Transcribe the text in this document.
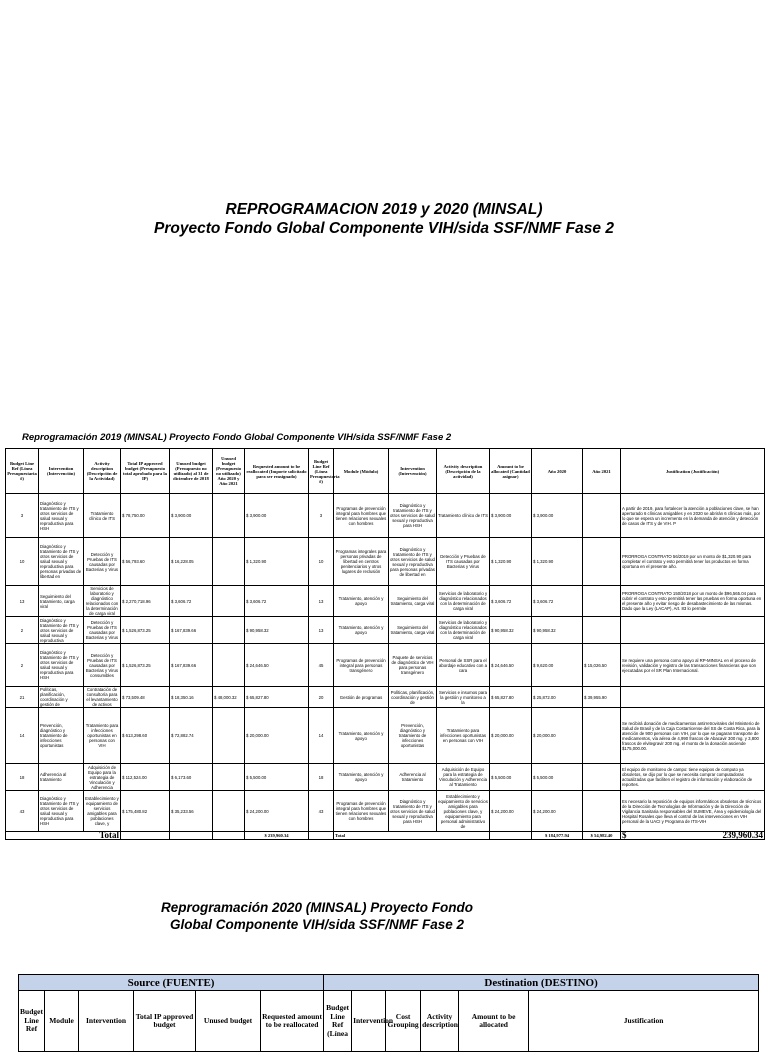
REPROGRAMACION 2019 y 2020 (MINSAL)
Proyecto Fondo Global Componente VIH/sida SSF/NMF Fase 2
Reprogramación 2019 (MINSAL) Proyecto Fondo Global Componente VIH/sida SSF/NMF Fase 2
Budget Line Ref (Línea Presupuestaria #)	Intervention (Intervención)	Activity description (Descripción de la Actividad)	Total IP approved budget (Presupuesto total aprobado para la IP)	Unused budget (Presupuesto no utilizado) al 31 de diciembre de 2018	Unused budget (Presupuesto no utilizado) Año 2020 y Año 2021	Requested amount to be reallocated (Importe solicitado para ser reasignado)	Budget Line Ref (Línea Presupuestaria #)	Module (Módulo)	Intervention (Intervención)	Activity description (Descripción de la actividad)	Amount to be allocated (Cantidad asignar)	Año 2020	Año 2021	Justification (Justificación)
3	Diagnóstico y tratamiento de ITS y otros servicios de salud sexual y reproductiva para HSH	Tratamiento clínico de ITS	$ 78,750.00	$ 3,900.00		$ 3,900.00	3	Programas de prevención integral para hombres que tienen relaciones sexuales con hombres	Diagnóstico y tratamiento de ITS y otros servicios de salud sexual y reproductiva para HSH	Tratamiento clínico de ITS	$ 3,900.00	$ 3,900.00		A partir de 2019, para fortalecer la atención a poblaciones clave, se han aperturado 6 clínicas amigables y en 2020 se abrirán 6 clínicas más, por lo que se espera un incremento en la demanda de atención y detección de casos de ITS y de VIH. P
10	Diagnóstico y tratamiento de ITS y otros servicios de salud sexual y reproductiva para personas privadas de libertad en	Detección y Pruebas de ITS causadas por Bacterias y Virus	$ 56,793.60	$ 16,228.05		$ 1,320.90	10	Programas integrales para personas privadas de libertad en centros penitenciarios y otros lugares de reclusión	Diagnóstico y tratamiento de ITS y otros servicios de salud sexual y reproductiva para personas privadas de libertad en	Detección y Pruebas de ITS causadas por Bacterias y Virus	$ 1,320.90	$ 1,320.90		PRORROGA CONTRATO 56/2019 por un monto de $1,320.90 para completar el contrato y esto permitirá tener los productos en forma oportuna en el presente año.
13	Seguimiento del tratamiento, carga viral	Servicios de laboratorio y diagnóstico relacionados con la determinación de carga viral	$ 2,270,718.96	$ 3,606.72		$ 3,606.72	13	Tratamiento, atención y apoyo	Seguimiento del tratamiento, carga viral	Servicios de laboratorio y diagnóstico relacionados con la determinación de carga viral	$ 3,606.72	$ 3,606.72		PRORROGA CONTRATO 150/2018 por un monto de $96,565.04 para cubrir el contrato y esto permitirá tener las pruebas en forma oportuna en el presente año y evitar riesgo de desabastecimiento de las mismas. Dado que la Ley (LACAP), Art. 83 lo permite
2	Diagnóstico y tratamiento de ITS y otros servicios de salud sexual y reproductiva	Detección y Pruebas de ITS causadas por Bacterias y Virus	$ 1,526,873.25	$ 167,839.66		$ 90,958.32	13	Tratamiento, atención y apoyo	Seguimiento del tratamiento, carga viral	Servicios de laboratorio y diagnóstico relacionados con la determinación de carga viral	$ 90,958.32	$ 90,958.32		
2	Diagnóstico y tratamiento de ITS y otros servicios de salud sexual y reproductiva para HSH	Detección y Pruebas de ITS causadas por Bacterias y Virus consumibles	$ 1,526,873.25	$ 167,839.66		$ 24,646.50	45	Programas de prevención integral para personas transgénero	Paquete de servicios de diagnóstico de VIH para personas transgénero	Personal de SSR para el abordaje educativo con a cara	$ 24,646.50	$ 9,620.00	$ 15,026.50	Se requiere una persona como apoyo al RP-MINSAL en el proceso de revisión, validación y registro de las transacciones financieras que son ejecutadas por el SR Plan Internacional.
21	Políticas, planificación, coordinación y gestión de	Contratación de consultoría para el levantamiento de activos	$ 73,509.48	$ 18,350.16	$ 48,000.32	$ 65,827.80	20	Gestión de programas	Políticas, planificación, coordinación y gestión de	Servicios e insumos para la gestión y monitoreo a la	$ 65,827.80	$ 25,872.00	$ 39,955.90	
14	Prevención, diagnóstico y tratamiento de infecciones oportunistas	Tratamiento para infecciones oportunistas en personas con VIH	$ 613,298.60	$ 72,882.74		$ 20,000.00	14	Tratamiento, atención y apoyo	Prevención, diagnóstico y tratamiento de infecciones oportunistas	Tratamiento para infecciones oportunistas en personas con VIH	$ 20,000.00	$ 20,000.00		Se recibirá donación de medicamentos antirretrovirales del Ministerio de Salud de Brasil y de la Caja Costarricense del SS de Costa Rica, para la atención de 900 personas con VIH, por lo que se pagaran transporte de medicamentos, vía aérea de 4,990 frascos de Abacavir 300 mg. y 3,800 frascos de elvitegravir 200 mg. el monto de la donación asciende $175,000.00.
18	Adherencia al tratamiento	Adquisición de Equipo para la estrategia de Vinculación y Adherencia	$ 112,524.00	$ 6,173.60		$ 5,500.00	18	Tratamiento, atención y apoyo	Adherencia al tratamiento	Adquisición de Equipo para la estrategia de Vinculación y Adherencia al Tratamiento	$ 5,500.00	$ 5,500.00		El equipo de monitoreo de campo: tiene equipos de computo ya obsoletos, se dijo por lo que se necesita comprar computadoras actualizadas que faciliten el registro de información y elaboración de reportes.
43	Diagnóstico y tratamiento de ITS y otros servicios de salud sexual y reproductiva para HSH	Establecimiento y equipamiento de servicios amigables para poblaciones clave, y	$ 175,480.82	$ 35,233.56		$ 24,200.00	43	Programas de prevención integral para hombres que tienen relaciones sexuales con hombres	Diagnóstico y tratamiento de ITS y otros servicios de salud sexual y reproductiva para HSH	Establecimiento y equipamiento de servicios amigables para poblaciones clave, y equipamiento para personal administrativo de	$ 24,200.00	$ 24,200.00		Es necesario la reposición de equipos informáticos obsoletos de técnicos de la Dirección de Tecnologías de Información y de la Dirección de Vigilancia Sanitaria responsables del SUMEVE, Área y epidemiología del Hospital Rosales que lleva el control de las intervenciones en VIH personal de la UACI y Programa de ITS-VIH
Total						$ 239,960.34		Total				$ 184,977.94	$ 54,982.40	$ 239,960.34
Reprogramación 2020 (MINSAL) Proyecto Fondo
Global Componente VIH/sida SSF/NMF Fase 2
Source (FUENTE)						Destination (DESTINO)					
Budget Line Ref	Module	Intervention	Total IP approved budget	Unused budget	Requested amount to be reallocated	Budget Line Ref (Línea	Intervention	Cost Grouping	Activity description	Amount to be allocated	Justification
